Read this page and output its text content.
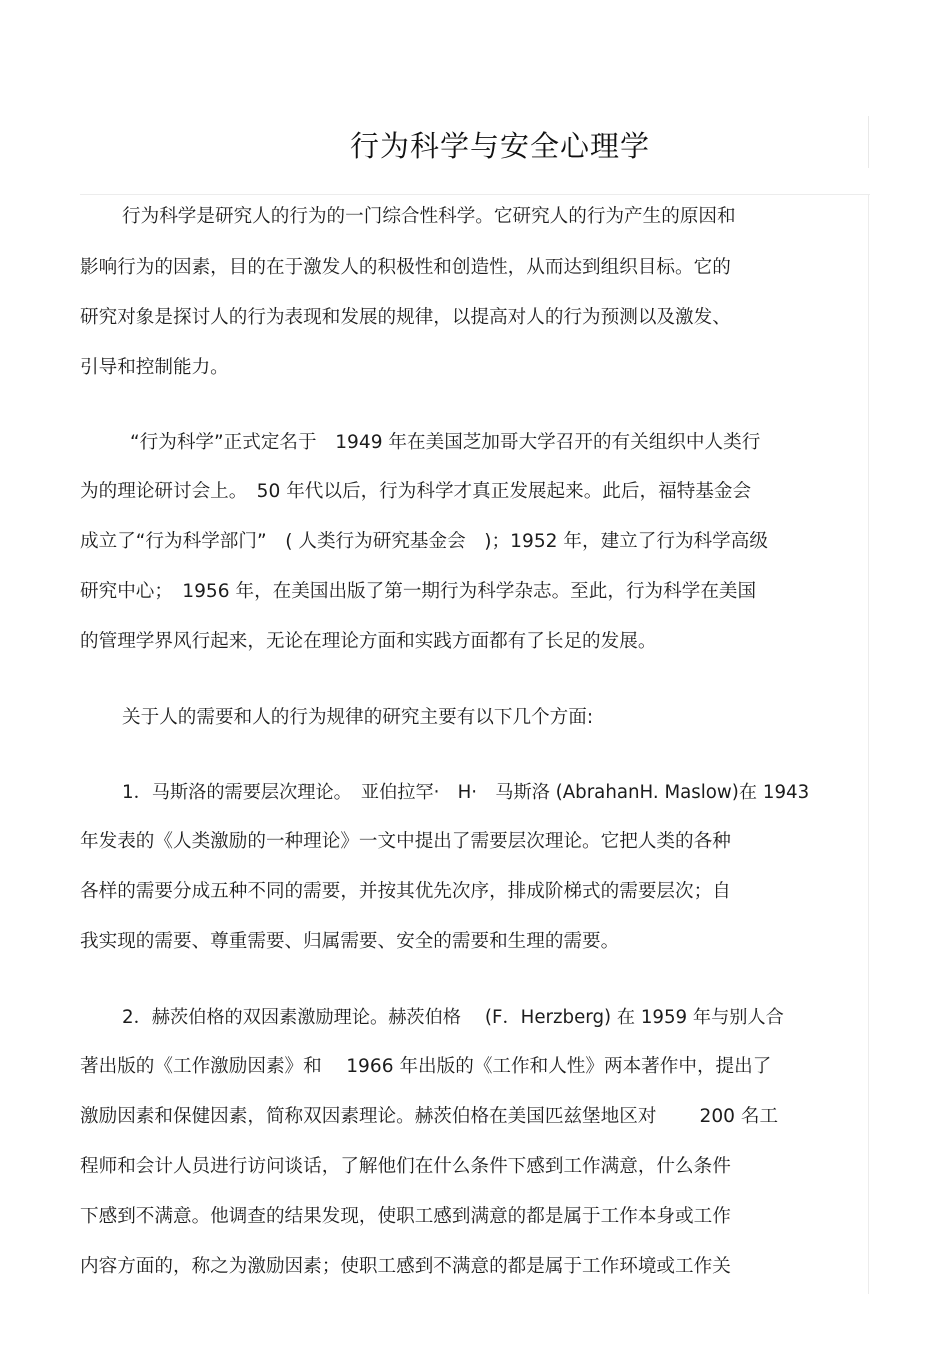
行为科学与安全心理学
行为科学是研究人的行为的一门综合性科学。它研究人的行为产生的原因和
影响行为的因素，目的在于激发人的积极性和创造性，从而达到组织目标。它的
研究对象是探讨人的行为表现和发展的规律，以提高对人的行为预测以及激发、
引导和控制能力。
“行为科学”正式定名于　1949 年在美国芝加哥大学召开的有关组织中人类行
为的理论研讨会上。　50 年代以后，行为科学才真正发展起来。此后，福特基金会
成立了“行为科学部门”　( 人类行为研究基金会　)；1952 年，建立了行为科学高级
研究中心；　1956 年，在美国出版了第一期行为科学杂志。至此，行为科学在美国
的管理学界风行起来，无论在理论方面和实践方面都有了长足的发展。
关于人的需要和人的行为规律的研究主要有以下几个方面:
1．马斯洛的需要层次理论。　亚伯拉罕·　H·　马斯洛 (AbrahanH. Maslow)在 1943
年发表的《人类激励的一种理论》一文中提出了需要层次理论。它把人类的各种
各样的需要分成五种不同的需要，并按其优先次序，排成阶梯式的需要层次；自
我实现的需要、尊重需要、归属需要、安全的需要和生理的需要。
2．赫茨伯格的双因素激励理论。赫茨伯格　 (F．Herzberg) 在 1959 年与别人合
著出版的《工作激励因素》和　 1966 年出版的《工作和人性》两本著作中，提出了
激励因素和保健因素，简称双因素理论。赫茨伯格在美国匹兹堡地区对　　 200 名工
程师和会计人员进行访问谈话，了解他们在什么条件下感到工作满意，什么条件
下感到不满意。他调查的结果发现，使职工感到满意的都是属于工作本身或工作
内容方面的，称之为激励因素；使职工感到不满意的都是属于工作环境或工作关
